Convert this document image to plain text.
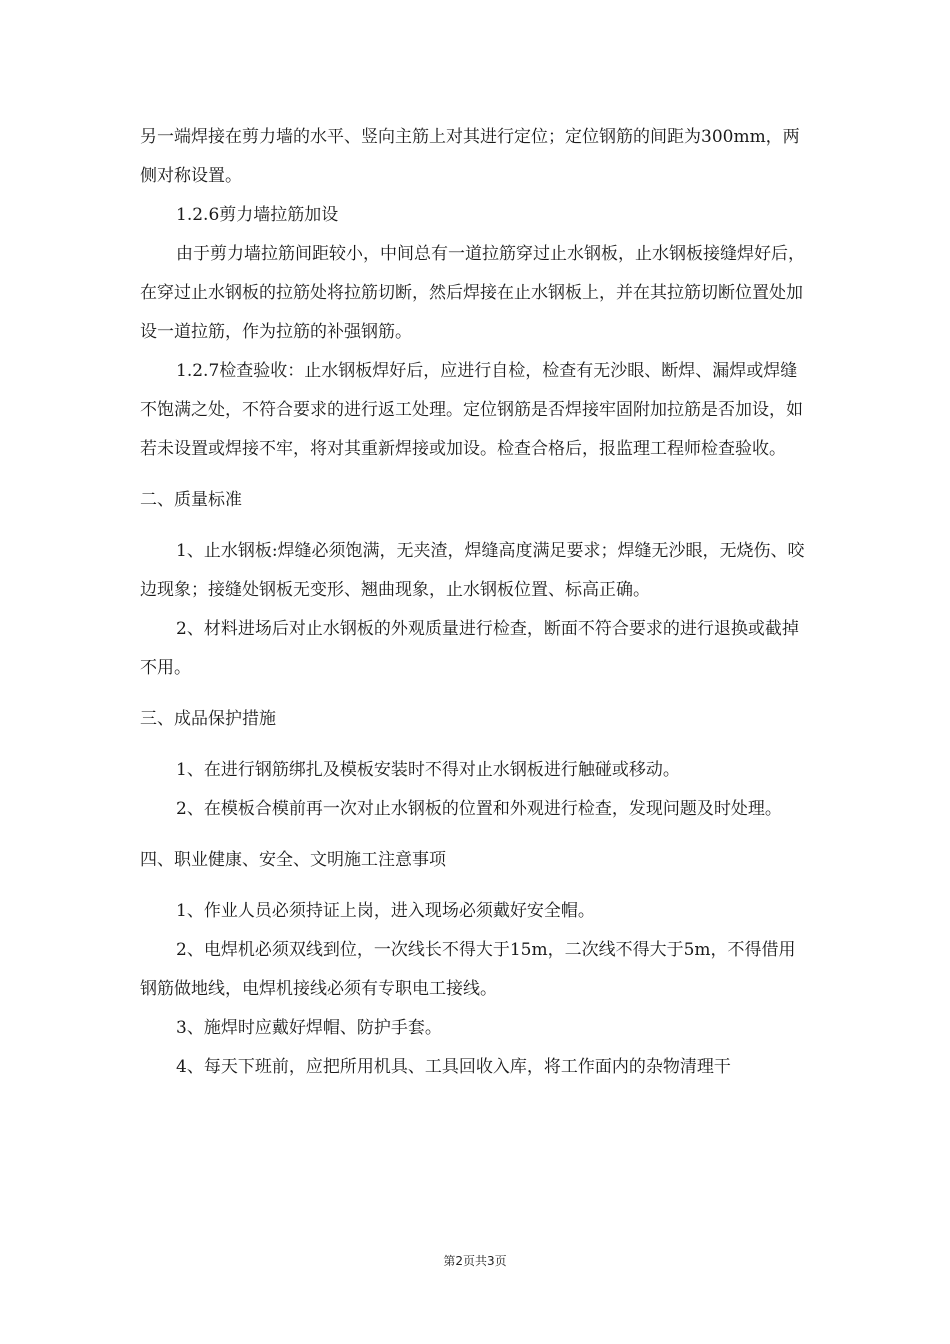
另一端焊接在剪力墙的水平、竖向主筋上对其进行定位；定位钢筋的间距为300mm，两侧对称设置。

1.2.6剪力墙拉筋加设

由于剪力墙拉筋间距较小，中间总有一道拉筋穿过止水钢板，止水钢板接缝焊好后，在穿过止水钢板的拉筋处将拉筋切断，然后焊接在止水钢板上，并在其拉筋切断位置处加设一道拉筋，作为拉筋的补强钢筋。

1.2.7检查验收：止水钢板焊好后，应进行自检，检查有无沙眼、断焊、漏焊或焊缝不饱满之处，不符合要求的进行返工处理。定位钢筋是否焊接牢固附加拉筋是否加设，如若未设置或焊接不牢，将对其重新焊接或加设。检查合格后，报监理工程师检查验收。

二、质量标准

1、止水钢板:焊缝必须饱满，无夹渣，焊缝高度满足要求；焊缝无沙眼，无烧伤、咬边现象；接缝处钢板无变形、翘曲现象，止水钢板位置、标高正确。

2、材料进场后对止水钢板的外观质量进行检查，断面不符合要求的进行退换或截掉不用。

三、成品保护措施

1、在进行钢筋绑扎及模板安装时不得对止水钢板进行触碰或移动。

2、在模板合模前再一次对止水钢板的位置和外观进行检查，发现问题及时处理。

四、职业健康、安全、文明施工注意事项

1、作业人员必须持证上岗，进入现场必须戴好安全帽。

2、电焊机必须双线到位，一次线长不得大于15m，二次线不得大于5m，不得借用钢筋做地线，电焊机接线必须有专职电工接线。

3、施焊时应戴好焊帽、防护手套。

4、每天下班前，应把所用机具、工具回收入库，将工作面内的杂物清理干

第2页共3页
